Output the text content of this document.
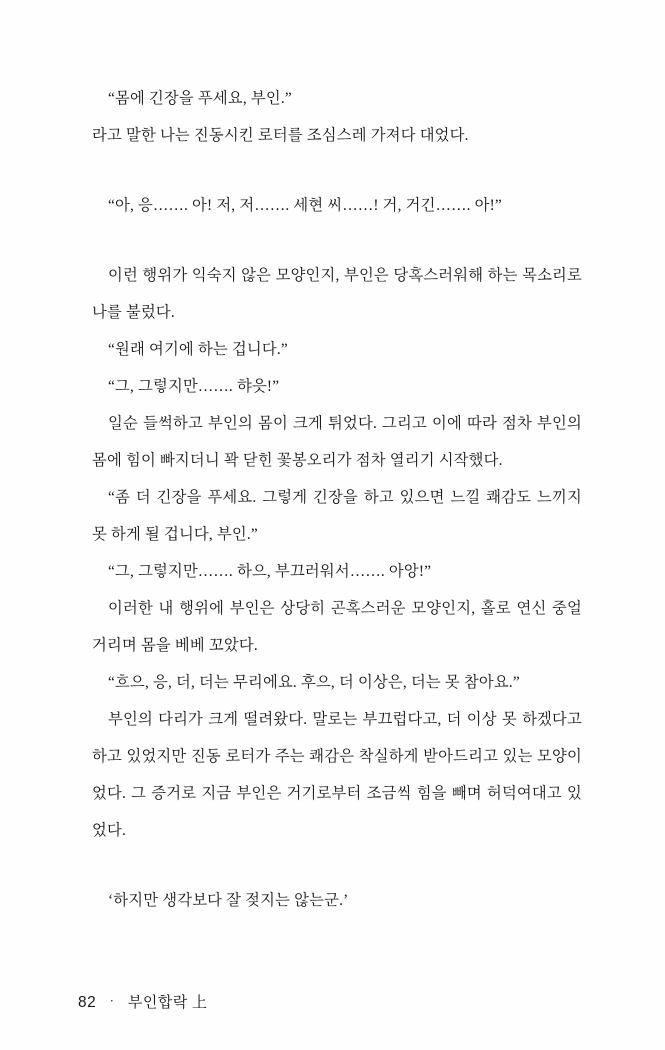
“몸에 긴장을 푸세요, 부인.”

라고 말한 나는 진동시킨 로터를 조심스레 가져다 대었다.

“아, 응……. 아! 저, 저……. 세현 씨……! 거, 거긴……. 아!”

이런 행위가 익숙지 않은 모양인지, 부인은 당혹스러워해 하는 목소리로 나를 불렀다.

“원래 여기에 하는 겁니다.”

“그, 그렇지만……. 햐읏!”

일순 들썩하고 부인의 몸이 크게 튀었다. 그리고 이에 따라 점차 부인의 몸에 힘이 빠지더니 꽉 닫힌 꽃봉오리가 점차 열리기 시작했다.

“좀 더 긴장을 푸세요. 그렇게 긴장을 하고 있으면 느낄 쾌감도 느끼지 못 하게 될 겁니다, 부인.”

“그, 그렇지만……. 하으, 부끄러워서……. 아앙!”

이러한 내 행위에 부인은 상당히 곤혹스러운 모양인지, 홀로 연신 중얼거리며 몸을 베베 꼬았다.

“흐으, 응, 더, 더는 무리에요. 후으, 더 이상은, 더는 못 참아요.”

부인의 다리가 크게 떨려왔다. 말로는 부끄럽다고, 더 이상 못 하겠다고 하고 있었지만 진동 로터가 주는 쾌감은 착실하게 받아드리고 있는 모양이었다. 그 증거로 지금 부인은 거기로부터 조금씩 힘을 빼며 허덕여대고 있었다.

‘하지만 생각보다 잘 젖지는 않는군.’

82 · 부인합락 上
